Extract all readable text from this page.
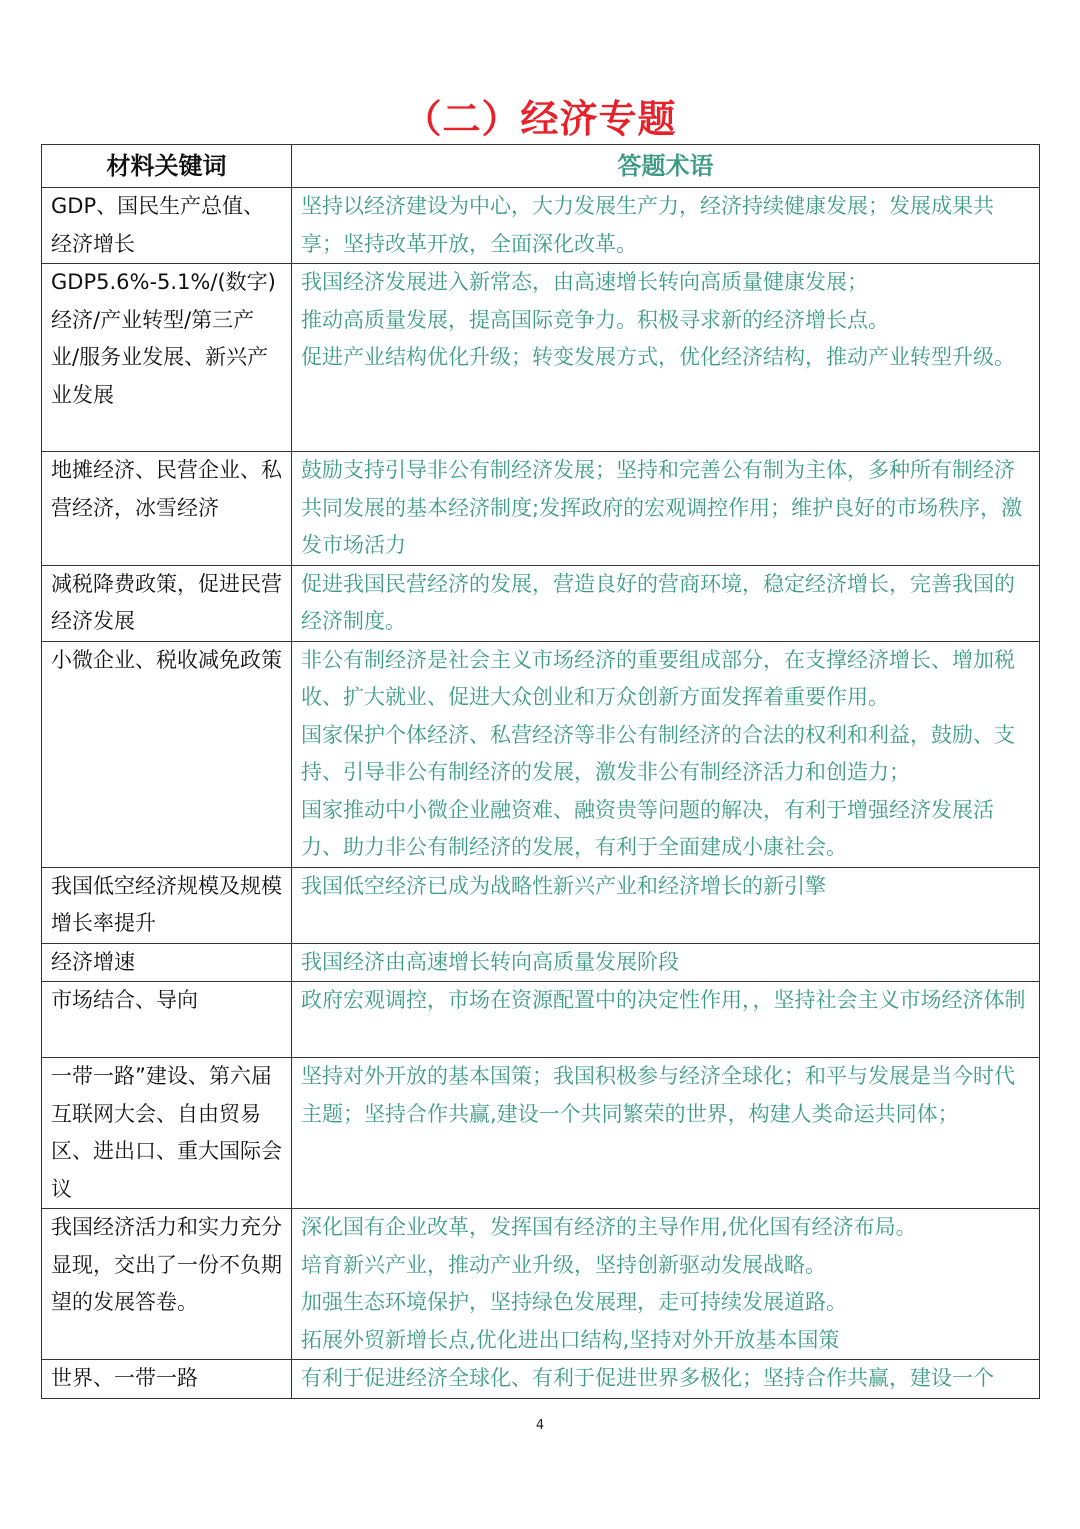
（二）经济专题
材料关键词	答题术语
GDP、国民生产总值、经济增长	坚持以经济建设为中心，大力发展生产力，经济持续健康发展；发展成果共享；坚持改革开放，全面深化改革。

GDP5.6%-5.1%/(数字)经济/产业转型/第三产业/服务业发展、新兴产业发展	我国经济发展进入新常态，由高速增长转向高质量健康发展；
推动高质量发展，提高国际竞争力。积极寻求新的经济增长点。
促进产业结构优化升级；转变发展方式，优化经济结构，推动产业转型升级。

地摊经济、民营企业、私营经济，冰雪经济	鼓励支持引导非公有制经济发展；坚持和完善公有制为主体，多种所有制经济共同发展的基本经济制度;发挥政府的宏观调控作用；维护良好的市场秩序，激发市场活力

减税降费政策，促进民营经济发展	促进我国民营经济的发展，营造良好的营商环境，稳定经济增长，完善我国的经济制度。

小微企业、税收减免政策	非公有制经济是社会主义市场经济的重要组成部分，在支撑经济增长、增加税收、扩大就业、促进大众创业和万众创新方面发挥着重要作用。
国家保护个体经济、私营经济等非公有制经济的合法的权利和利益，鼓励、支持、引导非公有制经济的发展，激发非公有制经济活力和创造力；
国家推动中小微企业融资难、融资贵等问题的解决，有利于增强经济发展活力、助力非公有制经济的发展，有利于全面建成小康社会。

我国低空经济规模及规模增长率提升	我国低空经济已成为战略性新兴产业和经济增长的新引擎

经济增速	我国经济由高速增长转向高质量发展阶段

市场结合、导向	政府宏观调控，市场在资源配置中的决定性作用，，坚持社会主义市场经济体制

一带一路”建设、第六届互联网大会、自由贸易区、进出口、重大国际会议	坚持对外开放的基本国策；我国积极参与经济全球化；和平与发展是当今时代主题；坚持合作共赢,建设一个共同繁荣的世界，构建人类命运共同体；

我国经济活力和实力充分显现，交出了一份不负期望的发展答卷。	深化国有企业改革，发挥国有经济的主导作用,优化国有经济布局。
培育新兴产业，推动产业升级，坚持创新驱动发展战略。
加强生态环境保护，坚持绿色发展理，走可持续发展道路。
拓展外贸新增长点,优化进出口结构,坚持对外开放基本国策

世界、一带一路	有利于促进经济全球化、有利于促进世界多极化；坚持合作共赢，建设一个
4
